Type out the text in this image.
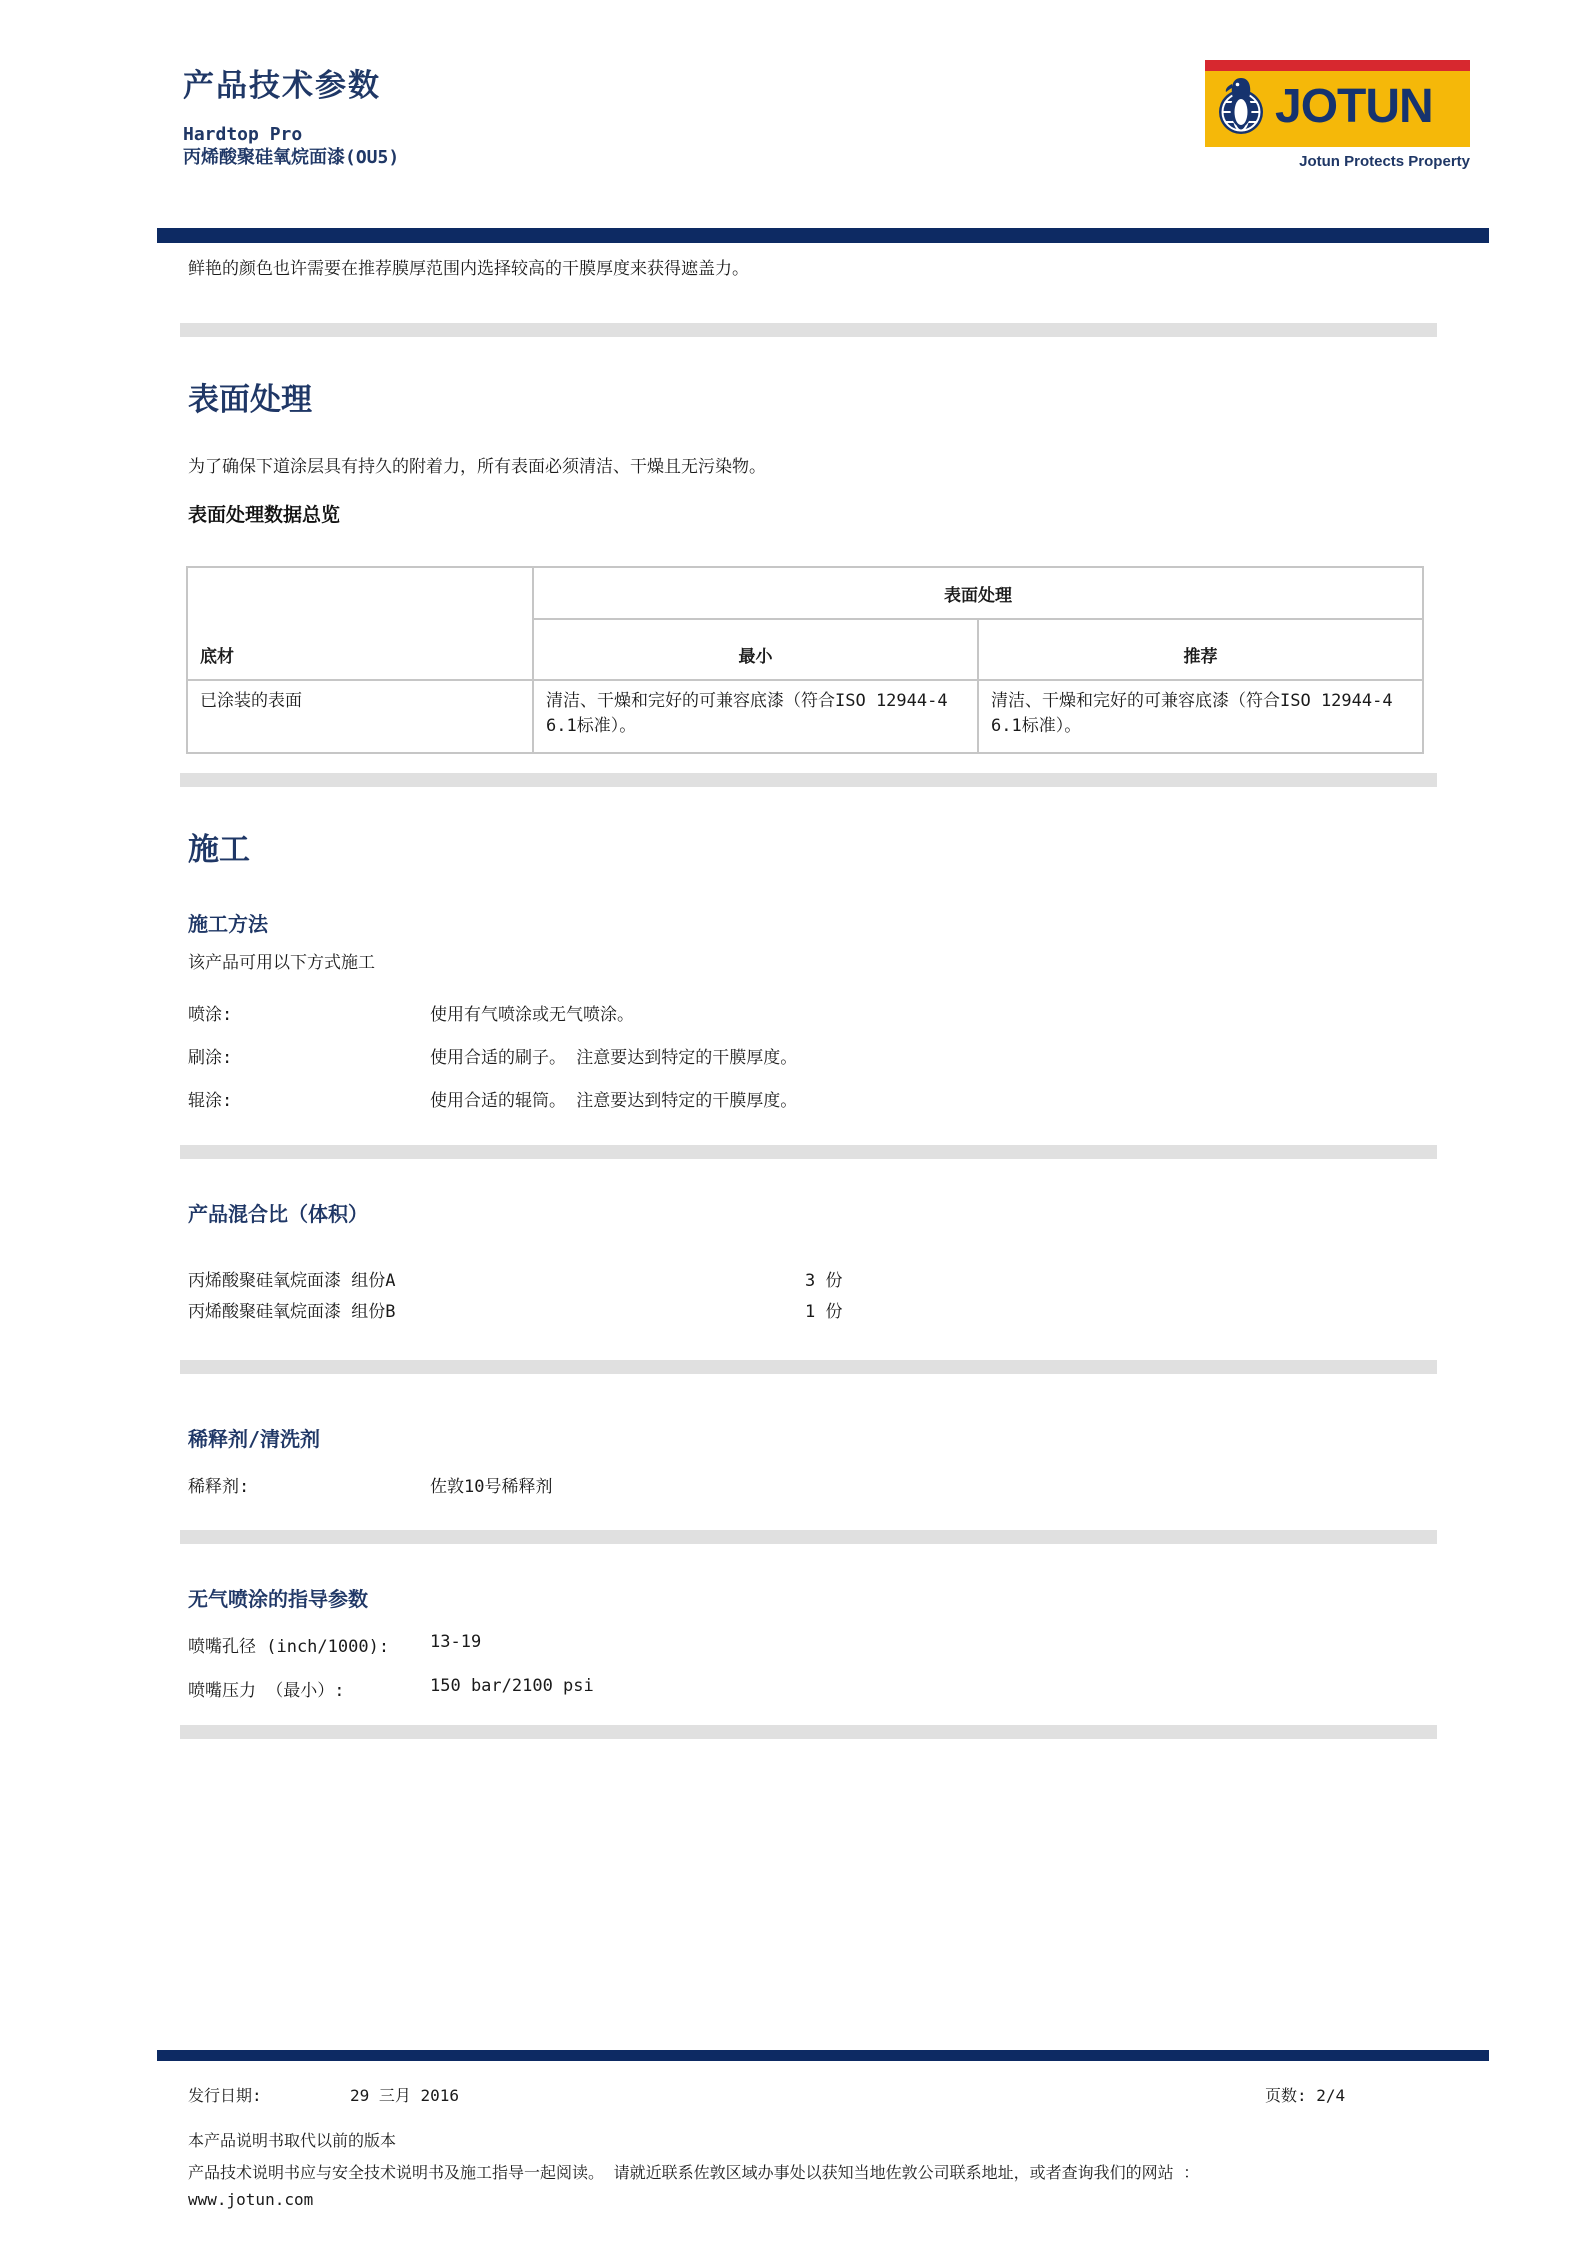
产品技术参数
Hardtop Pro
丙烯酸聚硅氧烷面漆(OU5)
JOTUN
Jotun Protects Property
鲜艳的颜色也许需要在推荐膜厚范围内选择较高的干膜厚度来获得遮盖力。
表面处理
为了确保下道涂层具有持久的附着力，所有表面必须清洁、干燥且无污染物。
表面处理数据总览
底材	表面处理	
	最小	推荐
已涂装的表面	清洁、干燥和完好的可兼容底漆（符合ISO 12944-4 6.1标准）。	清洁、干燥和完好的可兼容底漆（符合ISO 12944-4 6.1标准）。
施工
施工方法
该产品可用以下方式施工
喷涂:	使用有气喷涂或无气喷涂。
刷涂:	使用合适的刷子。 注意要达到特定的干膜厚度。
辊涂:	使用合适的辊筒。 注意要达到特定的干膜厚度。
产品混合比（体积）
丙烯酸聚硅氧烷面漆 组份A	3 份
丙烯酸聚硅氧烷面漆 组份B	1 份
稀释剂/清洗剂
稀释剂:	佐敦10号稀释剂
无气喷涂的指导参数
喷嘴孔径 (inch/1000): 13-19
喷嘴压力 （最小）:	150 bar/2100 psi
发行日期:	29 三月 2016	页数: 2/4
本产品说明书取代以前的版本
产品技术说明书应与安全技术说明书及施工指导一起阅读。 请就近联系佐敦区域办事处以获知当地佐敦公司联系地址，或者查询我们的网站 ：
www.jotun.com
